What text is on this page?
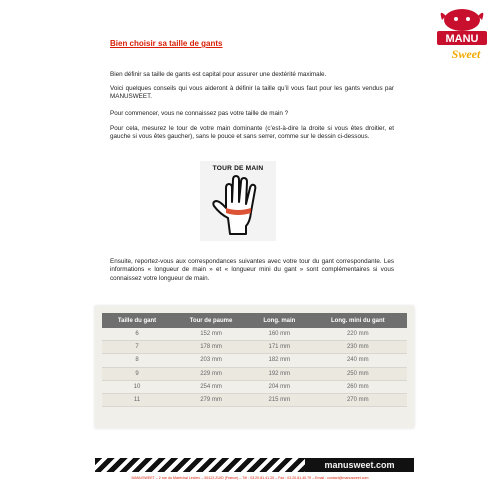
MANU
Sweet
Bien choisir sa taille de gants
Bien définir sa taille de gants est capital pour assurer une dextérité maximale.
Voici quelques conseils qui vous aideront à définir la taille qu’il vous faut pour les gants vendus par MANUSWEET.
Pour commencer, vous ne connaissez pas votre taille de main ?
Pour cela, mesurez le tour de votre main dominante (c’est-à-dire la droite si vous êtes droitier, et gauche si vous êtes gaucher), sans le pouce et sans serrer, comme sur le dessin ci-dessous.
TOUR DE MAIN
Ensuite, reportez-vous aux correspondances suivantes avec votre tour du gant correspondante. Les informations « longueur de main » et « longueur mini du gant » sont complémentaires si vous connaissez votre longueur de main.
Taille du gant	Tour de paume	Long. main	Long. mini du gant
6	152 mm	160 mm	220 mm
7	178 mm	171 mm	230 mm
8	203 mm	182 mm	240 mm
9	229 mm	192 mm	250 mm
10	254 mm	204 mm	260 mm
11	279 mm	215 mm	270 mm
manusweet.com
MANUSWEET – 2 rue du Maréchal Leclerc – 59123 ZUID (France) – Tél : 03.20.81.41.20 – Fax : 03.20.81.40.79 – Email : contact@manusweet.com
